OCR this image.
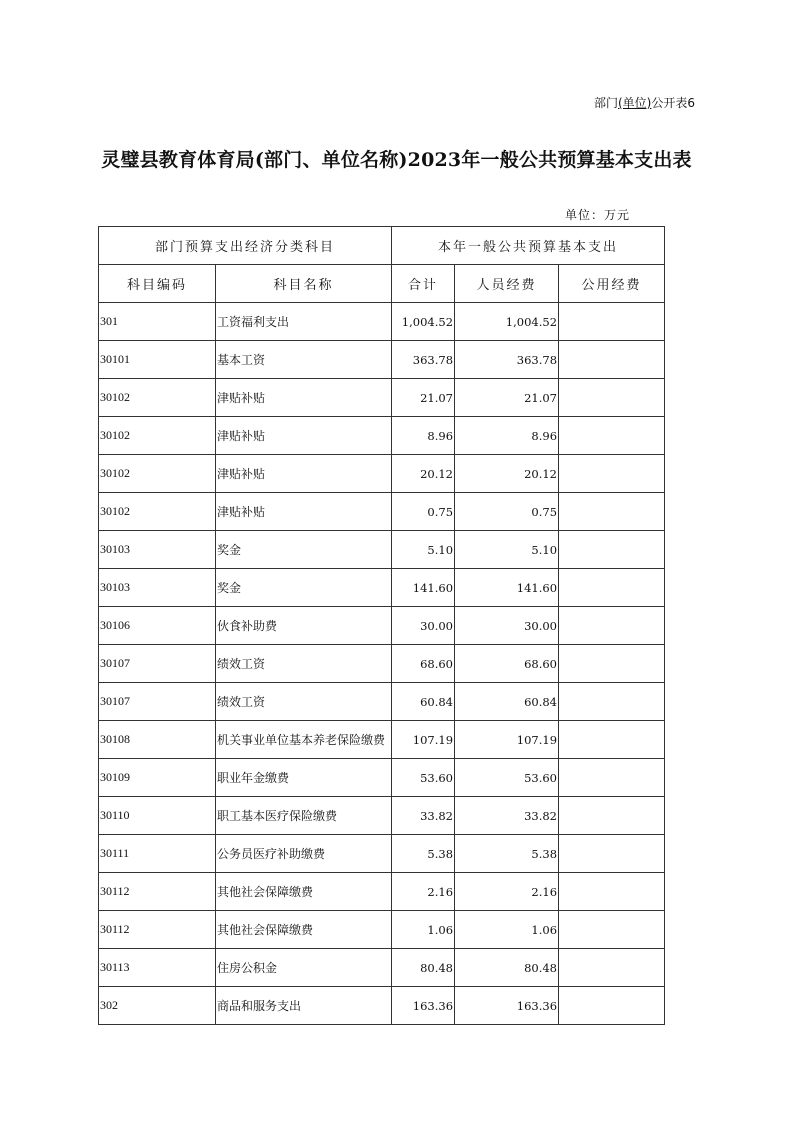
部门(单位)公开表6
灵璧县教育体育局(部门、单位名称)2023年一般公共预算基本支出表
单位：万元
部门预算支出经济分类科目		本年一般公共预算基本支出		
科目编码	科目名称	合计	人员经费	公用经费
301	工资福利支出	1,004.52	1,004.52	
30101	基本工资	363.78	363.78	
30102	津贴补贴	21.07	21.07	
30102	津贴补贴	8.96	8.96	
30102	津贴补贴	20.12	20.12	
30102	津贴补贴	0.75	0.75	
30103	奖金	5.10	5.10	
30103	奖金	141.60	141.60	
30106	伙食补助费	30.00	30.00	
30107	绩效工资	68.60	68.60	
30107	绩效工资	60.84	60.84	
30108	机关事业单位基本养老保险缴费	107.19	107.19	
30109	职业年金缴费	53.60	53.60	
30110	职工基本医疗保险缴费	33.82	33.82	
30111	公务员医疗补助缴费	5.38	5.38	
30112	其他社会保障缴费	2.16	2.16	
30112	其他社会保障缴费	1.06	1.06	
30113	住房公积金	80.48	80.48	
302	商品和服务支出	163.36	163.36	
